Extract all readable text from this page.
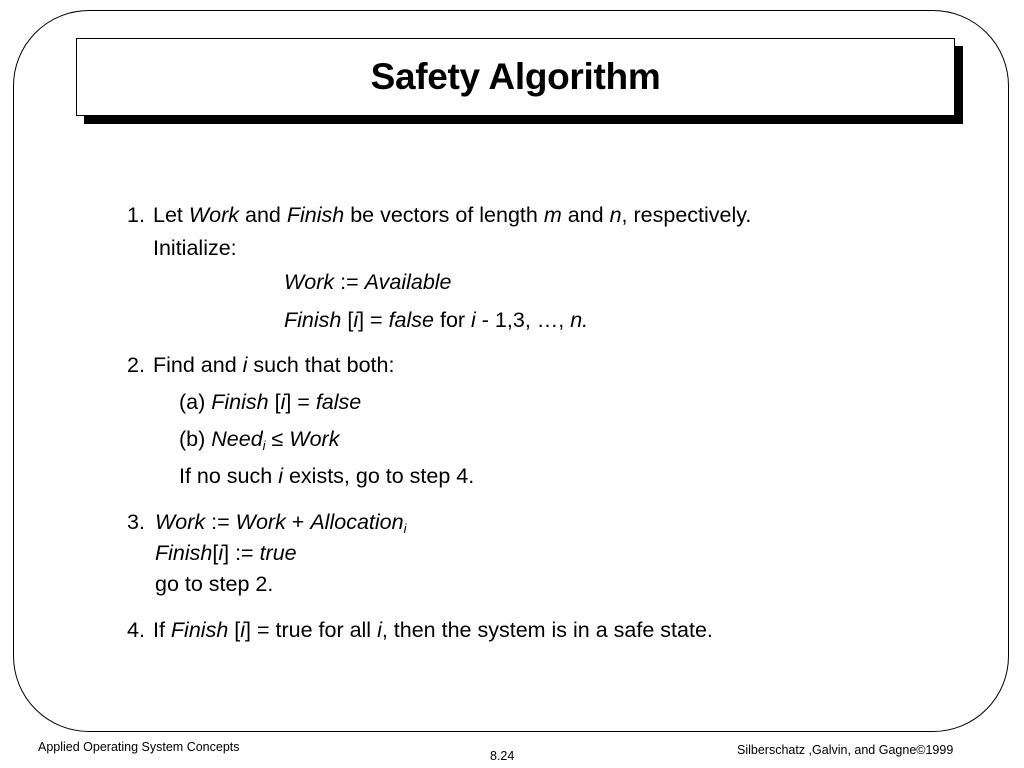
Safety Algorithm
1. Let Work and Finish be vectors of length m and n, respectively.
Initialize:
Work := Available
Finish [i] = false for i - 1,3, …, n.
2. Find and i such that both:
(a) Finish [i] = false
(b) Need$_i$ ≤ Work
If no such i exists, go to step 4.
3. Work := Work + Allocation$_i$
Finish[i] := true
go to step 2.
4. If Finish [i] = true for all i, then the system is in a safe state.
Applied Operating System Concepts
8.24	Silberschatz ,Galvin, and Gagne©1999
